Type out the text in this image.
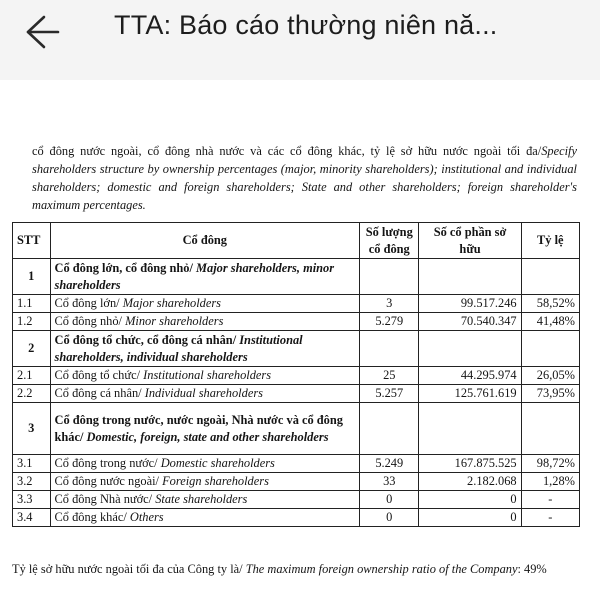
TTA: Báo cáo thường niên nă...

cổ đông nước ngoài, cổ đông nhà nước và các cổ đông khác, tỷ lệ sở hữu nước ngoài tối đa/Specify shareholders structure by ownership percentages (major, minority shareholders); institutional and individual shareholders; domestic and foreign shareholders; State and other shareholders; foreign shareholder's maximum percentages.

STT	Cổ đông	Số lượng cổ đông	Số cổ phần sở hữu	Tỷ lệ
1	Cổ đông lớn, cổ đông nhỏ/ Major shareholders, minor shareholders			
1.1	Cổ đông lớn/ Major shareholders	3	99.517.246	58,52%
1.2	Cổ đông nhỏ/ Minor shareholders	5.279	70.540.347	41,48%
2	Cổ đông tổ chức, cổ đông cá nhân/ Institutional shareholders, individual shareholders			
2.1	Cổ đông tổ chức/ Institutional shareholders	25	44.295.974	26,05%
2.2	Cổ đông cá nhân/ Individual shareholders	5.257	125.761.619	73,95%
3	Cổ đông trong nước, nước ngoài, Nhà nước và cổ đông khác/ Domestic, foreign, state and other shareholders			
3.1	Cổ đông trong nước/ Domestic shareholders	5.249	167.875.525	98,72%
3.2	Cổ đông nước ngoài/ Foreign shareholders	33	2.182.068	1,28%
3.3	Cổ đông Nhà nước/ State shareholders	0	0	-
3.4	Cổ đông khác/ Others	0	0	-

Tỷ lệ sở hữu nước ngoài tối đa của Công ty là/ The maximum foreign ownership ratio of the Company: 49%
